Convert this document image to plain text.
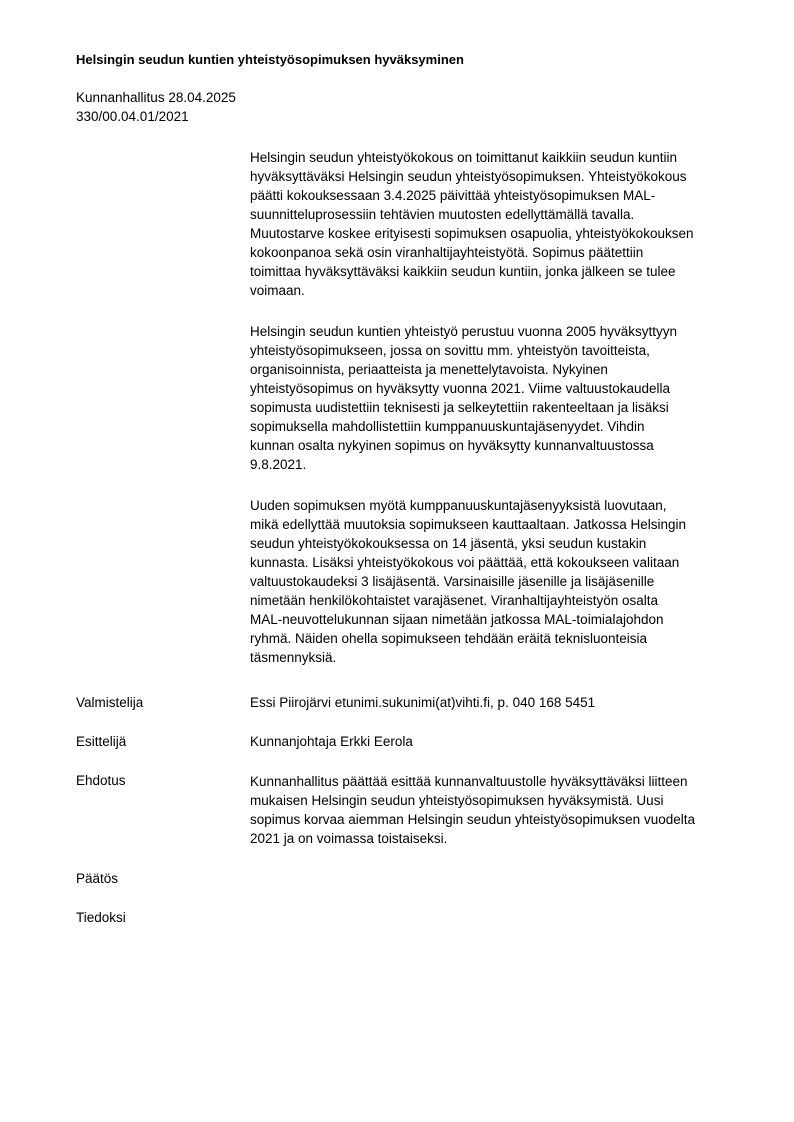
Helsingin seudun kuntien yhteistyösopimuksen hyväksyminen
Kunnanhallitus 28.04.2025
330/00.04.01/2021
Helsingin seudun yhteistyökokous on toimittanut kaikkiin seudun kuntiin
hyväksyttäväksi Helsingin seudun yhteistyösopimuksen. Yhteistyökokous
päätti kokouksessaan 3.4.2025 päivittää yhteistyösopimuksen MAL-
suunnitteluprosessiin tehtävien muutosten edellyttämällä tavalla.
Muutostarve koskee erityisesti sopimuksen osapuolia, yhteistyökokouksen
kokoonpanoa sekä osin viranhaltijayhteistyötä. Sopimus päätettiin
toimittaa hyväksyttäväksi kaikkiin seudun kuntiin, jonka jälkeen se tulee
voimaan.
Helsingin seudun kuntien yhteistyö perustuu vuonna 2005 hyväksyttyyn
yhteistyösopimukseen, jossa on sovittu mm. yhteistyön tavoitteista,
organisoinnista, periaatteista ja menettelytavoista. Nykyinen
yhteistyösopimus on hyväksytty vuonna 2021. Viime valtuustokaudella
sopimusta uudistettiin teknisesti ja selkeytettiin rakenteeltaan ja lisäksi
sopimuksella mahdollistettiin kumppanuuskuntajäsenyydet. Vihdin
kunnan osalta nykyinen sopimus on hyväksytty kunnanvaltuustossa
9.8.2021.
Uuden sopimuksen myötä kumppanuuskuntajäsenyyksistä luovutaan,
mikä edellyttää muutoksia sopimukseen kauttaaltaan. Jatkossa Helsingin
seudun yhteistyökokouksessa on 14 jäsentä, yksi seudun kustakin
kunnasta. Lisäksi yhteistyökokous voi päättää, että kokoukseen valitaan
valtuustokaudeksi 3 lisäjäsentä. Varsinaisille jäsenille ja lisäjäsenille
nimetään henkilökohtaistet varajäsenet. Viranhaltijayhteistyön osalta
MAL-neuvottelukunnan sijaan nimetään jatkossa MAL-toimialajohdon
ryhmä. Näiden ohella sopimukseen tehdään eräitä teknisluonteisia
täsmennyksiä.
Valmistelija	Essi Piirojärvi etunimi.sukunimi(at)vihti.fi, p. 040 168 5451
Esittelijä	Kunnanjohtaja Erkki Eerola
Ehdotus	Kunnanhallitus päättää esittää kunnanvaltuustolle hyväksyttäväksi liitteen
mukaisen Helsingin seudun yhteistyösopimuksen hyväksymistä. Uusi
sopimus korvaa aiemman Helsingin seudun yhteistyösopimuksen vuodelta
2021 ja on voimassa toistaiseksi.
Päätös
Tiedoksi
